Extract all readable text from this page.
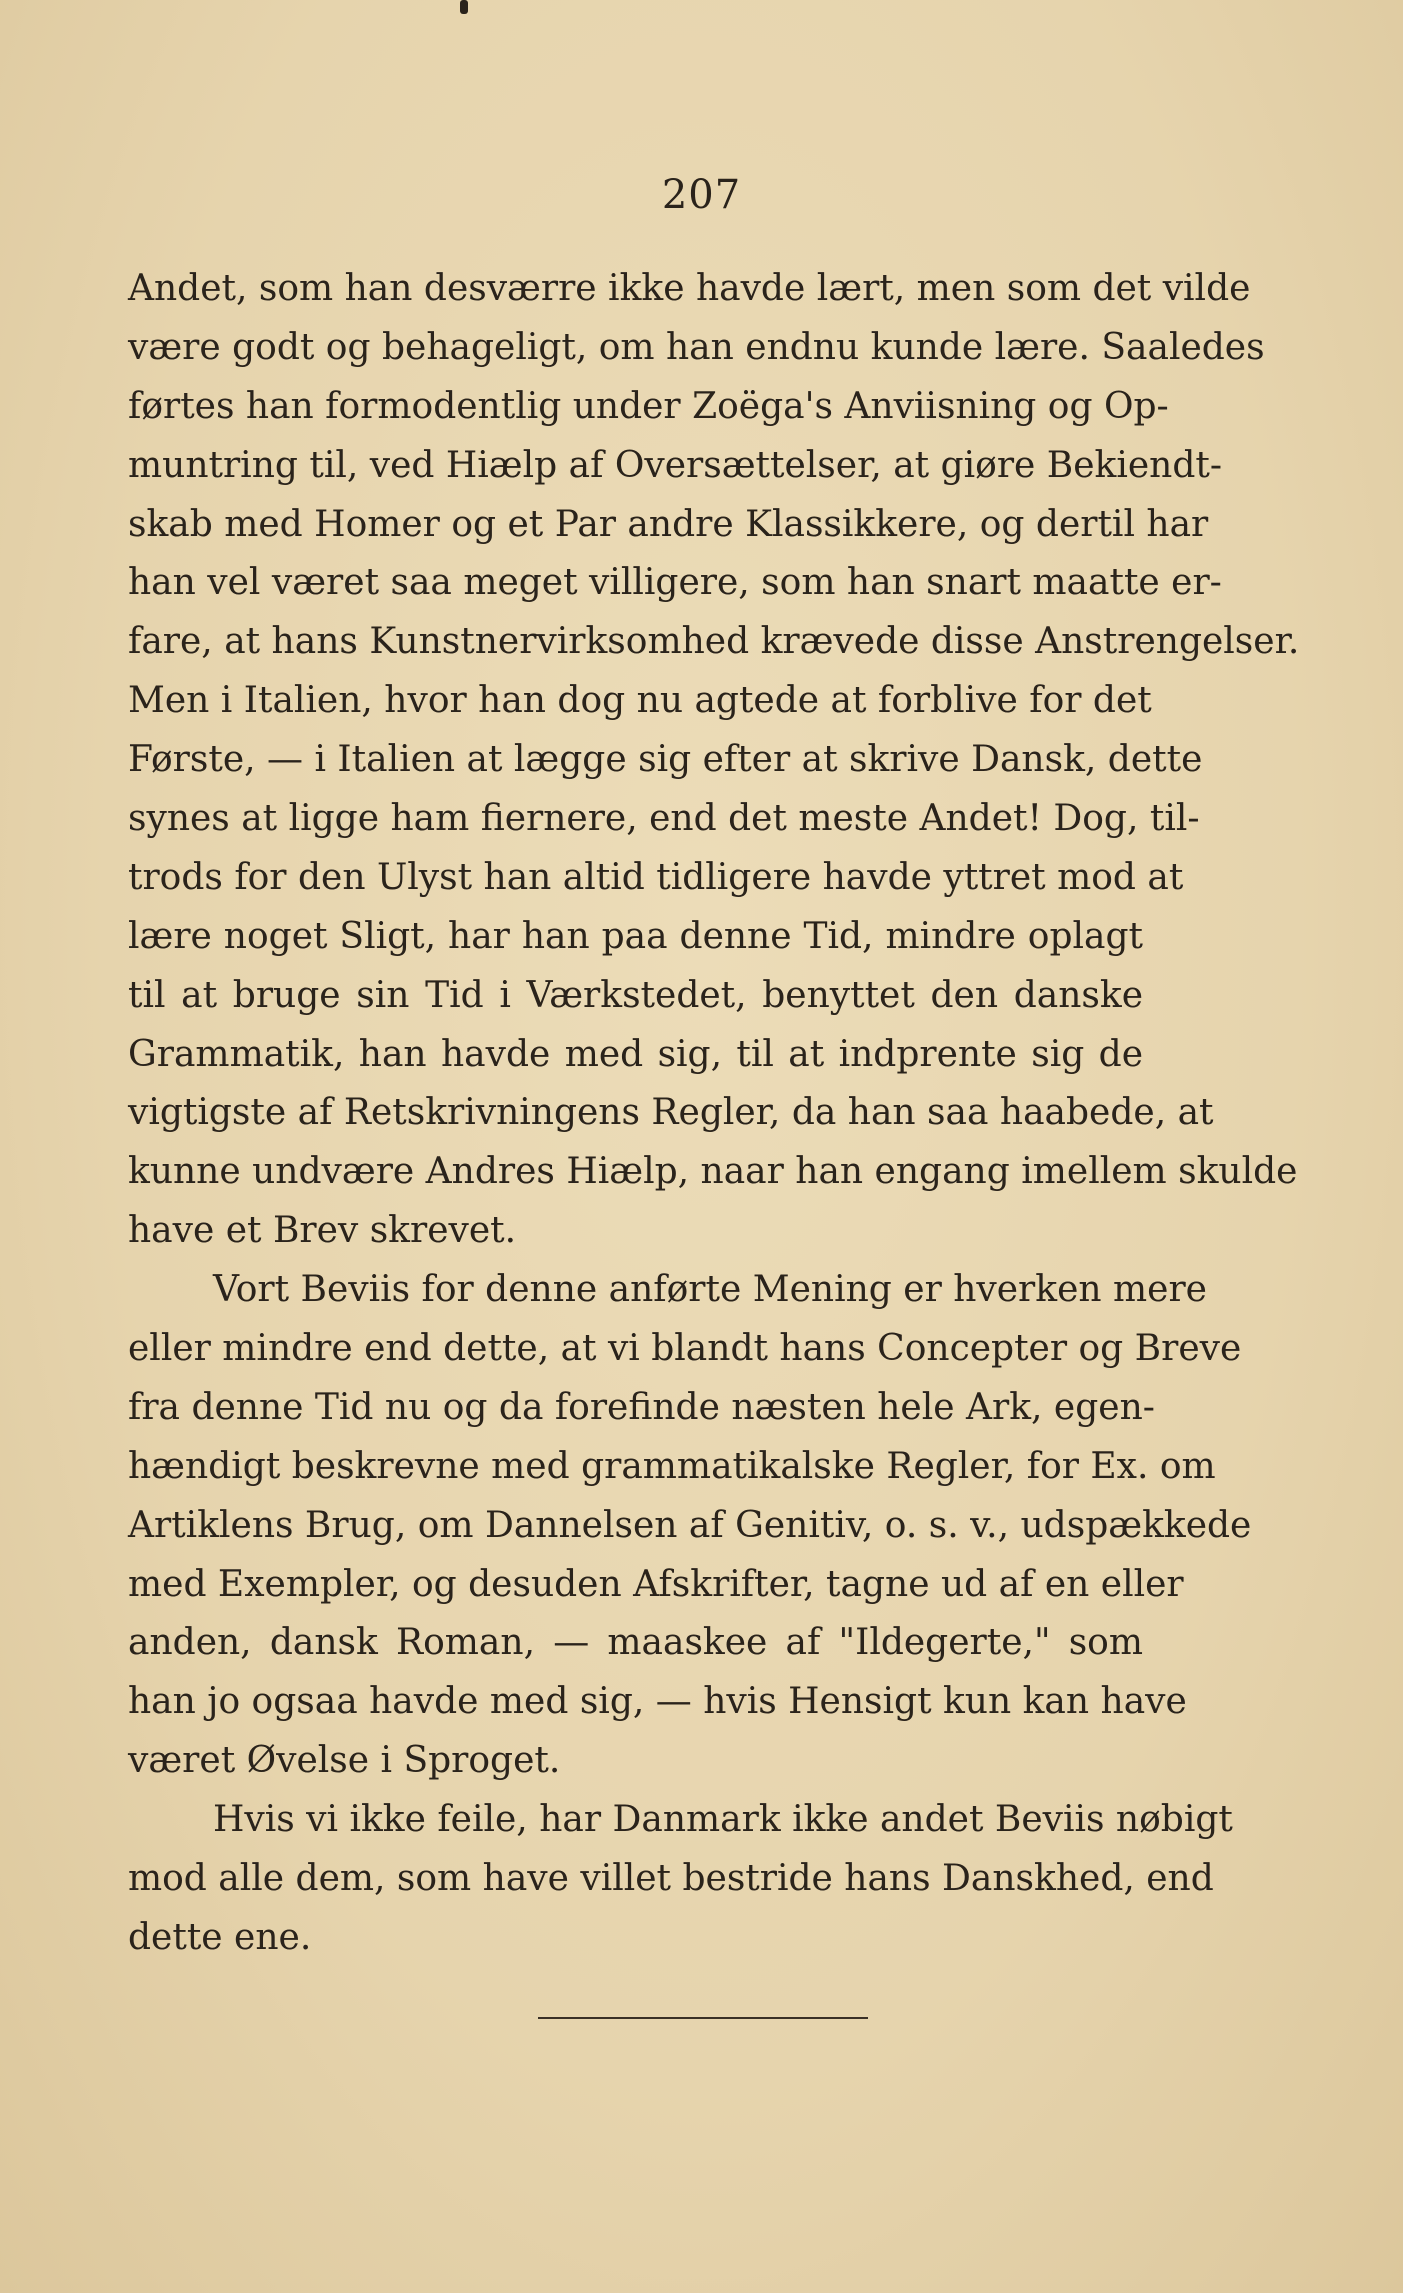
207
Andet, som han desværre ikke havde lært, men som det vilde
være godt og behageligt, om han endnu kunde lære. Saaledes
førtes han formodentlig under Zoëga's Anviisning og Op-
muntring til, ved Hiælp af Oversættelser, at giøre Bekiendt-
skab med Homer og et Par andre Klassikkere, og dertil har
han vel været saa meget villigere, som han snart maatte er-
fare, at hans Kunstnervirksomhed krævede disse Anstrengelser.
Men i Italien, hvor han dog nu agtede at forblive for det
Første, — i Italien at lægge sig efter at skrive Dansk, dette
synes at ligge ham fiernere, end det meste Andet! Dog, til-
trods for den Ulyst han altid tidligere havde yttret mod at
lære noget Sligt, har han paa denne Tid, mindre oplagt
til at bruge sin Tid i Værkstedet, benyttet den danske
Grammatik, han havde med sig, til at indprente sig de
vigtigste af Retskrivningens Regler, da han saa haabede, at
kunne undvære Andres Hiælp, naar han engang imellem skulde
have et Brev skrevet.
Vort Beviis for denne anførte Mening er hverken mere
eller mindre end dette, at vi blandt hans Concepter og Breve
fra denne Tid nu og da forefinde næsten hele Ark, egen-
hændigt beskrevne med grammatikalske Regler, for Ex. om
Artiklens Brug, om Dannelsen af Genitiv, o. s. v., udspækkede
med Exempler, og desuden Afskrifter, tagne ud af en eller
anden, dansk Roman, — maaskee af "Ildegerte," som
han jo ogsaa havde med sig, — hvis Hensigt kun kan have
været Øvelse i Sproget.
Hvis vi ikke feile, har Danmark ikke andet Beviis nøbigt
mod alle dem, som have villet bestride hans Danskhed, end
dette ene.
